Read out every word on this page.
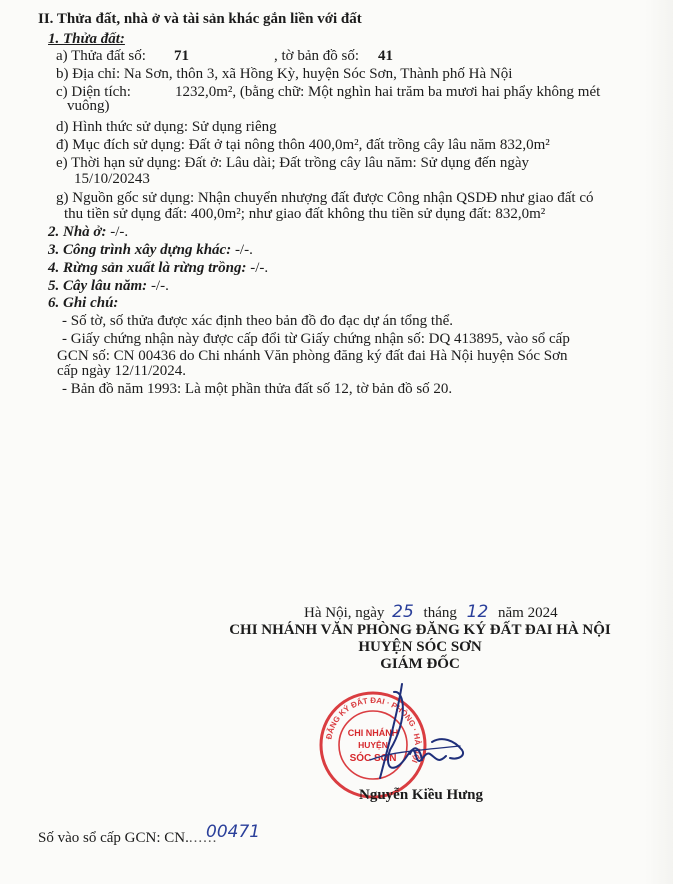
II. Thửa đất, nhà ở và tài sản khác gắn liền với đất
1. Thửa đất:
a) Thửa đất số: 71	, tờ bản đồ số: 41
b) Địa chỉ: Na Sơn, thôn 3, xã Hồng Kỳ, huyện Sóc Sơn, Thành phố Hà Nội
c) Diện tích:	1232,0m², (bằng chữ: Một nghìn hai trăm ba mươi hai phẩy không mét
vuông)
d) Hình thức sử dụng: Sử dụng riêng
đ) Mục đích sử dụng: Đất ở tại nông thôn 400,0m², đất trồng cây lâu năm 832,0m²
e) Thời hạn sử dụng: Đất ở: Lâu dài; Đất trồng cây lâu năm: Sử dụng đến ngày
15/10/20243
g) Nguồn gốc sử dụng: Nhận chuyển nhượng đất được Công nhận QSDĐ như giao đất có
thu tiền sử dụng đất: 400,0m²; như giao đất không thu tiền sử dụng đất: 832,0m²
2. Nhà ở: -/-.
3. Công trình xây dựng khác: -/-.
4. Rừng sản xuất là rừng trồng: -/-.
5. Cây lâu năm: -/-.
6. Ghi chú:
- Số tờ, số thửa được xác định theo bản đồ đo đạc dự án tổng thể.
- Giấy chứng nhận này được cấp đổi từ Giấy chứng nhận số: DQ 413895, vào sổ cấp
GCN số: CN 00436 do Chi nhánh Văn phòng đăng ký đất đai Hà Nội huyện Sóc Sơn
cấp ngày 12/11/2024.
- Bản đồ năm 1993: Là một phần thửa đất số 12, tờ bản đồ số 20.
Hà Nội, ngày 25 tháng 12 năm 2024
CHI NHÁNH VĂN PHÒNG ĐĂNG KÝ ĐẤT ĐAI HÀ NỘI
HUYỆN SÓC SƠN
GIÁM ĐỐC
ĐĂNG KÝ ĐẤT ĐAI · PHÒNG · HÀ NỘI
CHI NHÁNH
HUYỆN
SÓC SƠN
Nguyễn Kiều Hưng
Số vào sổ cấp GCN: CN.......
00471
